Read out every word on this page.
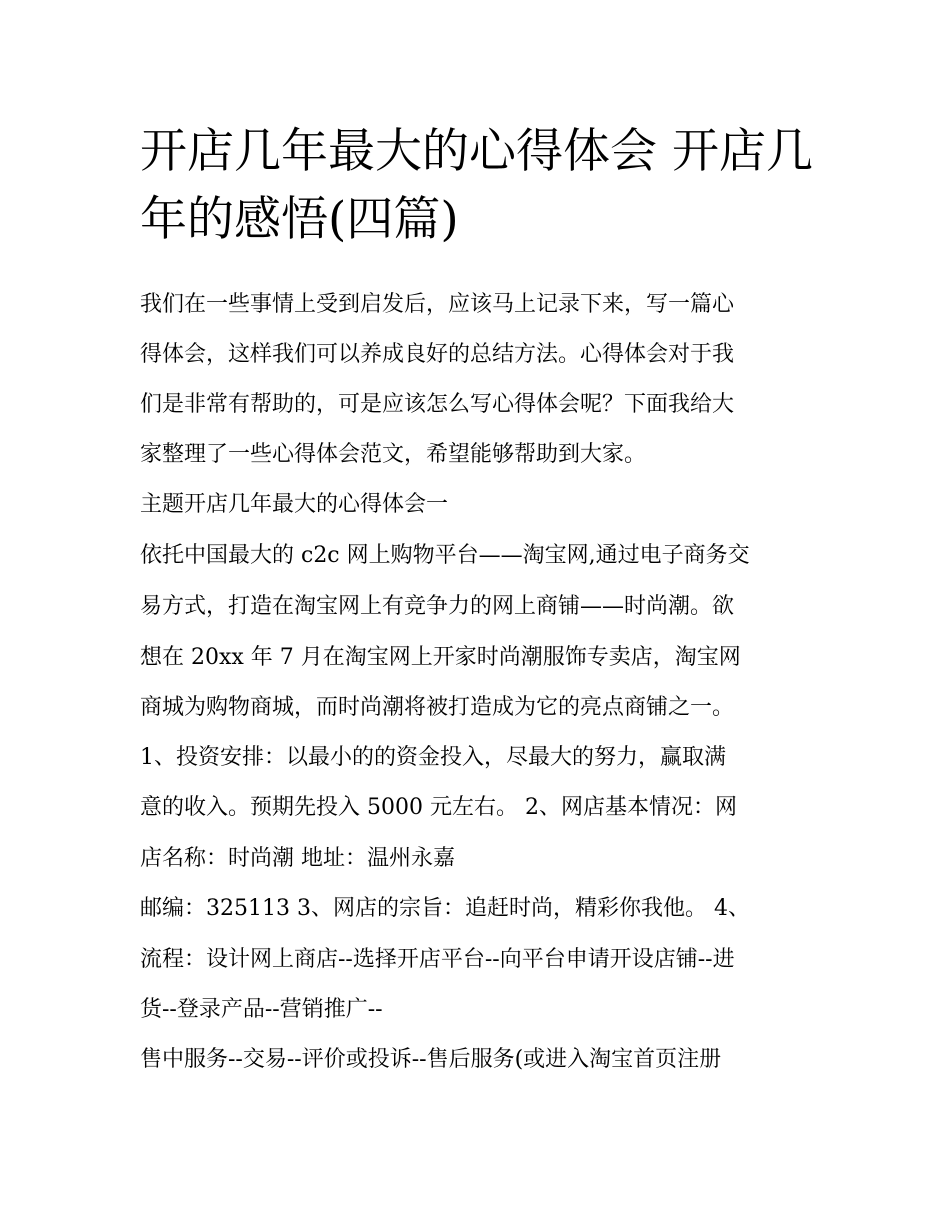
开店几年最大的心得体会 开店几年的感悟(四篇)

我们在一些事情上受到启发后，应该马上记录下来，写一篇心

得体会，这样我们可以养成良好的总结方法。心得体会对于我

们是非常有帮助的，可是应该怎么写心得体会呢？下面我给大

家整理了一些心得体会范文，希望能够帮助到大家。

主题开店几年最大的心得体会一

依托中国最大的 c2c 网上购物平台——淘宝网,通过电子商务交

易方式，打造在淘宝网上有竞争力的网上商铺——时尚潮。欲

想在 20xx 年 7 月在淘宝网上开家时尚潮服饰专卖店，淘宝网

商城为购物商城，而时尚潮将被打造成为它的亮点商铺之一。

1、投资安排：以最小的的资金投入，尽最大的努力，赢取满

意的收入。预期先投入 5000 元左右。 2、网店基本情况：网

店名称：时尚潮 地址：温州永嘉

邮编：325113 3、网店的宗旨：追赶时尚，精彩你我他。 4、

流程：设计网上商店--选择开店平台--向平台申请开设店铺--进

货--登录产品--营销推广--

售中服务--交易--评价或投诉--售后服务(或进入淘宝首页注册
